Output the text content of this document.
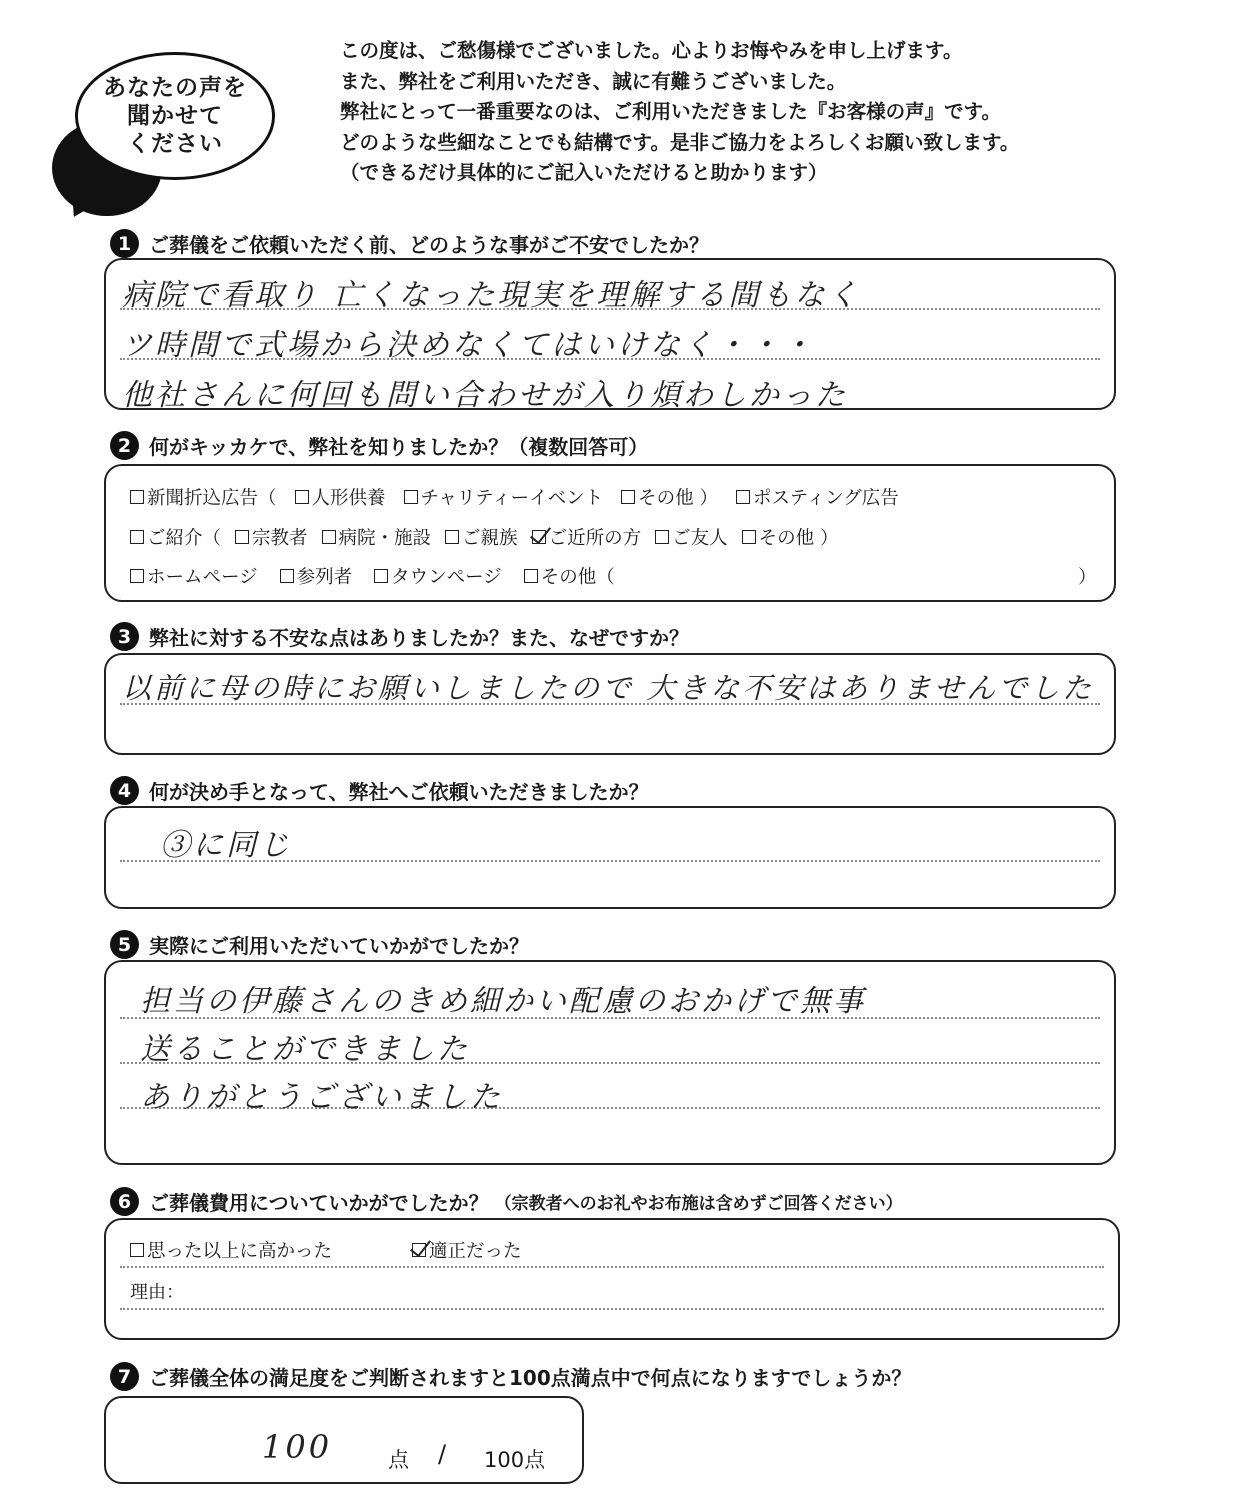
あなたの声を
聞かせて
ください

この度は、ご愁傷様でございました。心よりお悔やみを申し上げます。

また、弊社をご利用いただき、誠に有難うございました。

弊社にとって一番重要なのは、ご利用いただきました『お客様の声』です。

どのような些細なことでも結構です。是非ご協力をよろしくお願い致します。

（できるだけ具体的にご記入いただけると助かります）

1 ご葬儀をご依頼いただく前、どのような事がご不安でしたか？
病院で看取り 亡くなった現実を理解する間もなく
ツ時間で式場から決めなくてはいけなく・・・
他社さんに何回も問い合わせが入り煩わしかった
2 何がキッカケで、弊社を知りましたか？（複数回答可）
新聞折込広告（ 人形供養 チャリティーイベント その他 ） ポスティング広告
ご紹介（ 宗教者 病院・施設 ご親族 ご近所の方 ご友人 その他 ）
ホームページ 参列者 タウンページ その他（	）
3 弊社に対する不安な点はありましたか？また、なぜですか？
以前に母の時にお願いしましたので 大きな不安はありませんでした
4 何が決め手となって、弊社へご依頼いただきましたか？
③に同じ
5 実際にご利用いただいていかがでしたか？
担当の伊藤さんのきめ細かい配慮のおかげで無事
送ることができました
ありがとうございました
6 ご葬儀費用についていかがでしたか？ （宗教者へのお礼やお布施は含めずご回答ください）
思った以上に高かった	適正だった
理由：
7 ご葬儀全体の満足度をご判断されますと100点満点中で何点になりますでしょうか？
100	点 / 100点
